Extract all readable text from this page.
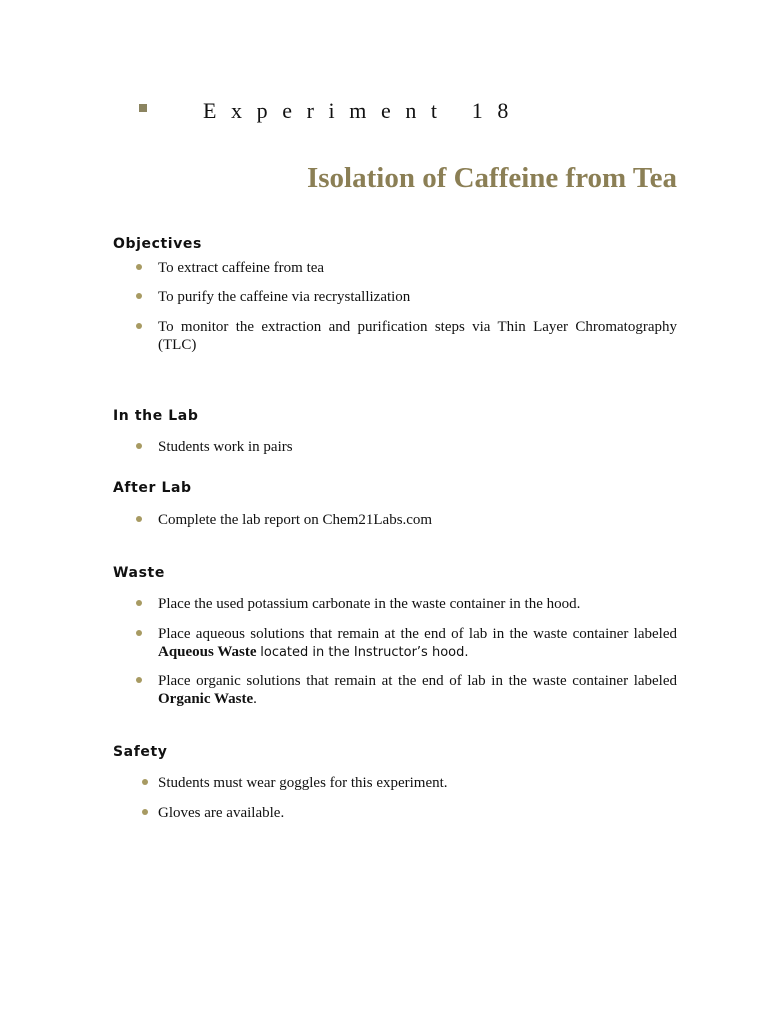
Experiment 18
Isolation of Caffeine from Tea
Objectives
To extract caffeine from tea
To purify the caffeine via recrystallization
To monitor the extraction and purification steps via Thin Layer Chromatography (TLC)
In the Lab
Students work in pairs
After Lab
Complete the lab report on Chem21Labs.com
Waste
Place the used potassium carbonate in the waste container in the hood.
Place aqueous solutions that remain at the end of lab in the waste container labeled Aqueous Waste located in the Instructor’s hood.
Place organic solutions that remain at the end of lab in the waste container labeled Organic Waste.
Safety
Students must wear goggles for this experiment.
Gloves are available.
